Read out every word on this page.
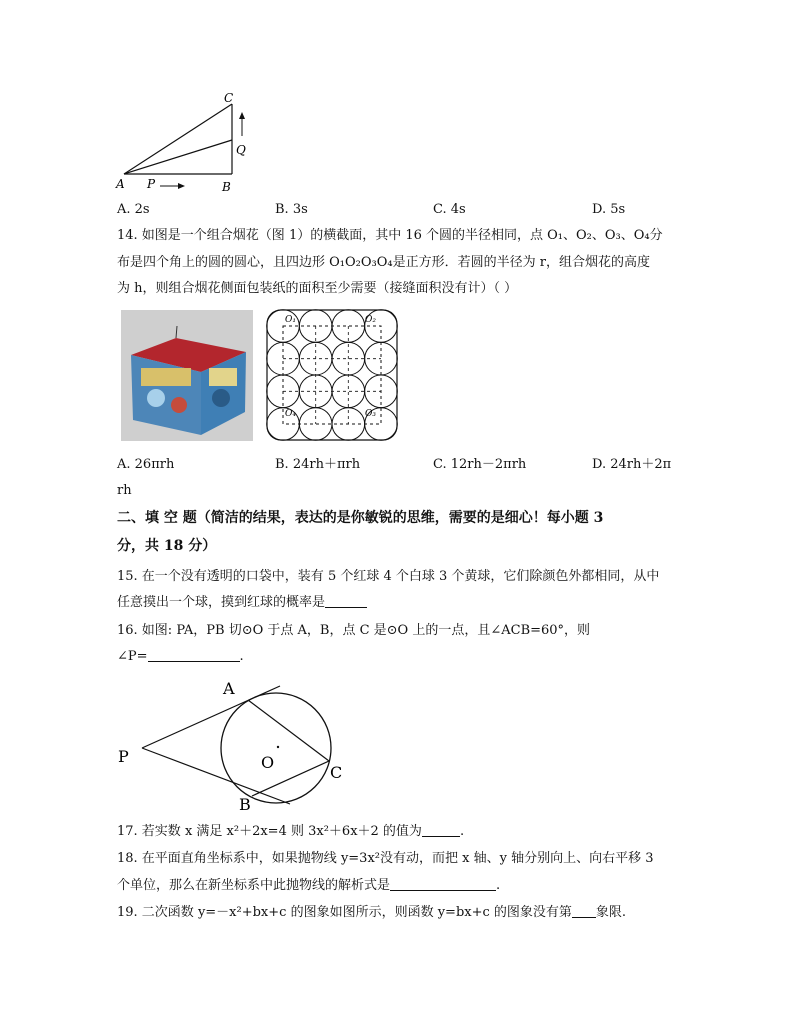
C
Q
A P	B
A. 2s	B. 3s	C. 4s	D. 5s
14. 如图是一个组合烟花（图 1）的横截面，其中 16 个圆的半径相同，点 O₁、O₂、O₃、O₄分
布是四个角上的圆的圆心，且四边形 O₁O₂O₃O₄是正方形．若圆的半径为 r，组合烟花的高度
为 h，则组合烟花侧面包装纸的面积至少需要（接缝面积没有计）（ ）
O₁	O₂
O₃
O₄
A. 26πrh	B. 24rh＋πrh	C. 12rh－2πrh	D. 24rh＋2π
rh
二、填 空 题（简洁的结果，表达的是你敏锐的思维，需要的是细心！每小题 3
分，共 18 分）
15. 在一个没有透明的口袋中，装有 5 个红球 4 个白球 3 个黄球，它们除颜色外都相同，从中
任意摸出一个球，摸到红球的概率是
16. 如图: PA，PB 切⊙O 于点 A，B，点 C 是⊙O 上的一点，且∠ACB=60°，则
∠P=	.
A
P	O
C
B
17. 若实数 x 满足 x²＋2x=4 则 3x²＋6x＋2 的值为	.
18. 在平面直角坐标系中，如果抛物线 y=3x²没有动，而把 x 轴、y 轴分别向上、向右平移 3
个单位，那么在新坐标系中此抛物线的解析式是	.
19. 二次函数 y=－x²+bx+c 的图象如图所示，则函数 y=bx+c 的图象没有第 象限.
